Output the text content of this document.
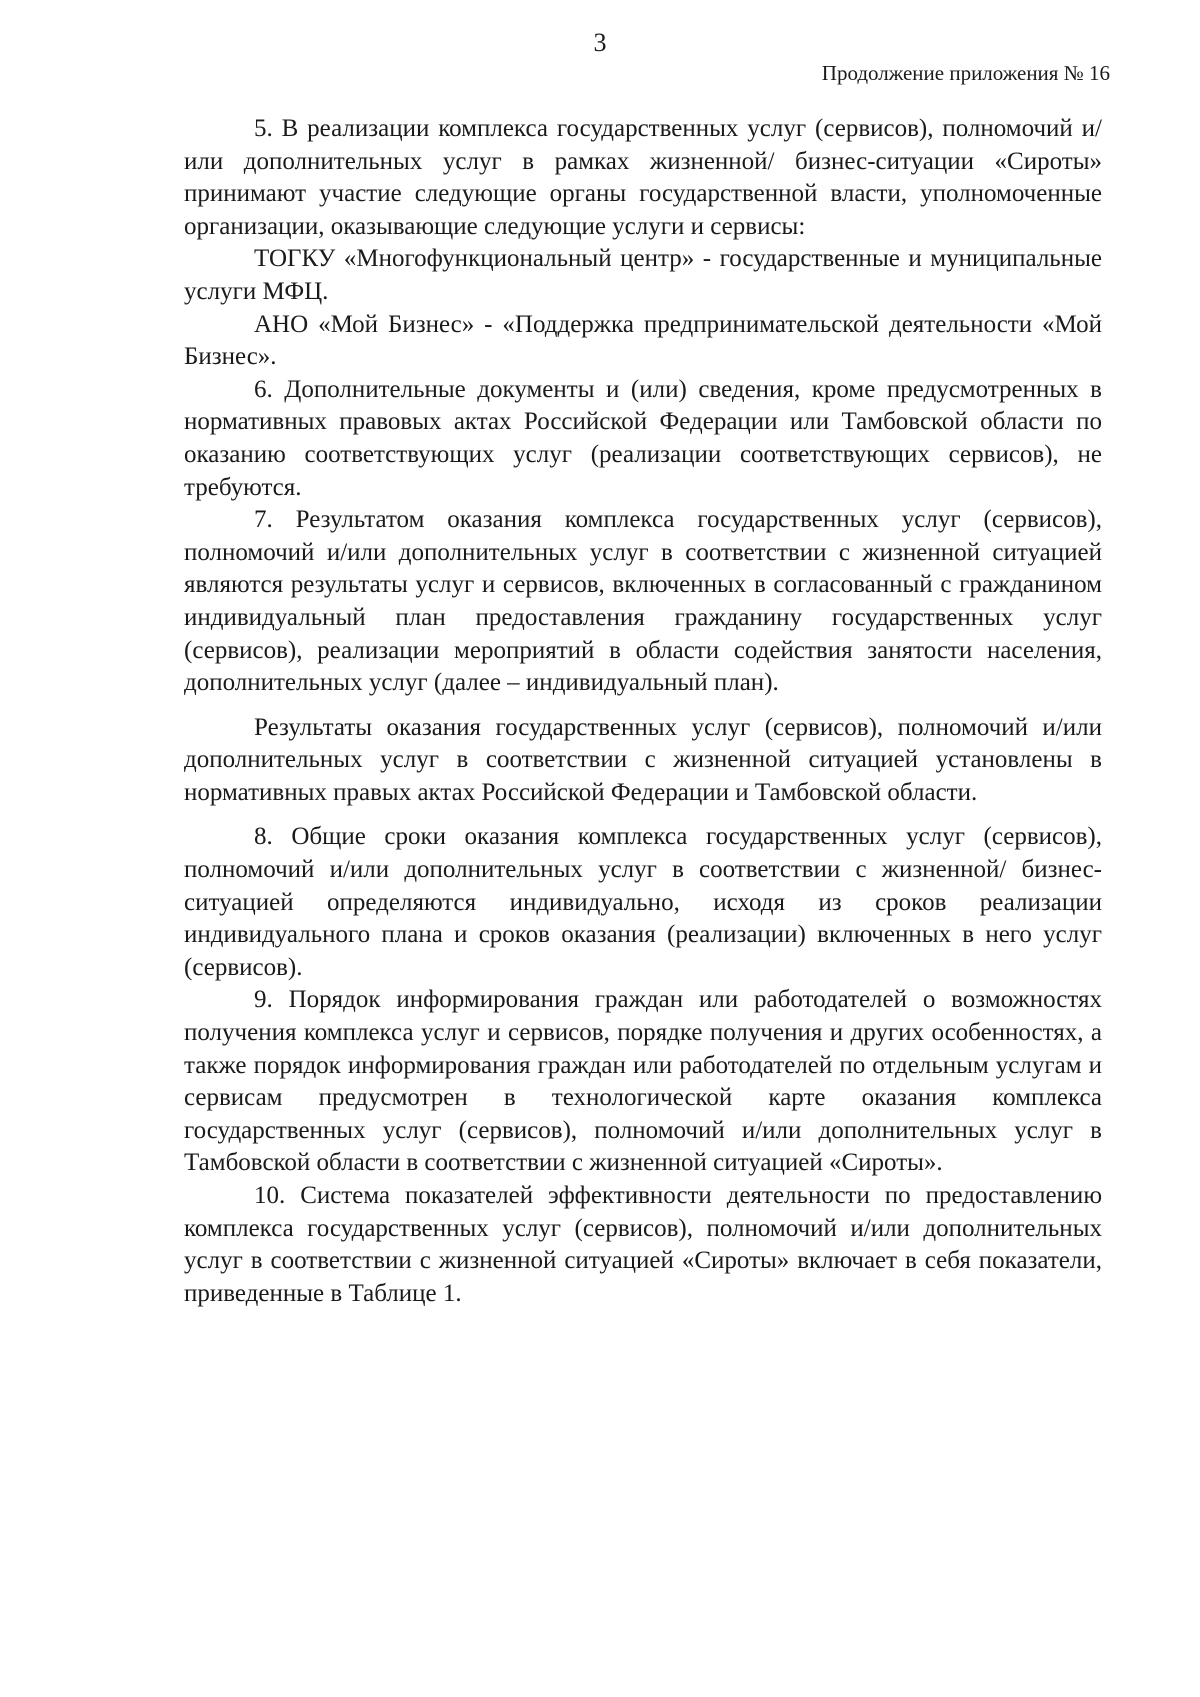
3
Продолжение приложения № 16

5. В реализации комплекса государственных услуг (сервисов), полномочий и/или дополнительных услуг в рамках жизненной/ бизнес-ситуации «Сироты» принимают участие следующие органы государственной власти, уполномоченные организации, оказывающие следующие услуги и сервисы:

ТОГКУ «Многофункциональный центр» - государственные и муниципальные услуги МФЦ.

АНО «Мой Бизнес» - «Поддержка предпринимательской деятельности «Мой Бизнес».

6. Дополнительные документы и (или) сведения, кроме предусмотренных в нормативных правовых актах Российской Федерации или Тамбовской области по оказанию соответствующих услуг (реализации соответствующих сервисов), не требуются.

7. Результатом оказания комплекса государственных услуг (сервисов), полномочий и/или дополнительных услуг в соответствии с жизненной ситуацией являются результаты услуг и сервисов, включенных в согласованный с гражданином индивидуальный план предоставления гражданину государственных услуг (сервисов), реализации мероприятий в области содействия занятости населения, дополнительных услуг (далее – индивидуальный план).

Результаты оказания государственных услуг (сервисов), полномочий и/или дополнительных услуг в соответствии с жизненной ситуацией установлены в нормативных правых актах Российской Федерации и Тамбовской области.

8. Общие сроки оказания комплекса государственных услуг (сервисов), полномочий и/или дополнительных услуг в соответствии с жизненной/ бизнес-ситуацией определяются индивидуально, исходя из сроков реализации индивидуального плана и сроков оказания (реализации) включенных в него услуг (сервисов).

9. Порядок информирования граждан или работодателей о возможностях получения комплекса услуг и сервисов, порядке получения и других особенностях, а также порядок информирования граждан или работодателей по отдельным услугам и сервисам предусмотрен в технологической карте оказания комплекса государственных услуг (сервисов), полномочий и/или дополнительных услуг в Тамбовской области в соответствии с жизненной ситуацией «Сироты».

10. Система показателей эффективности деятельности по предоставлению комплекса государственных услуг (сервисов), полномочий и/или дополнительных услуг в соответствии с жизненной ситуацией «Сироты» включает в себя показатели, приведенные в Таблице 1.
